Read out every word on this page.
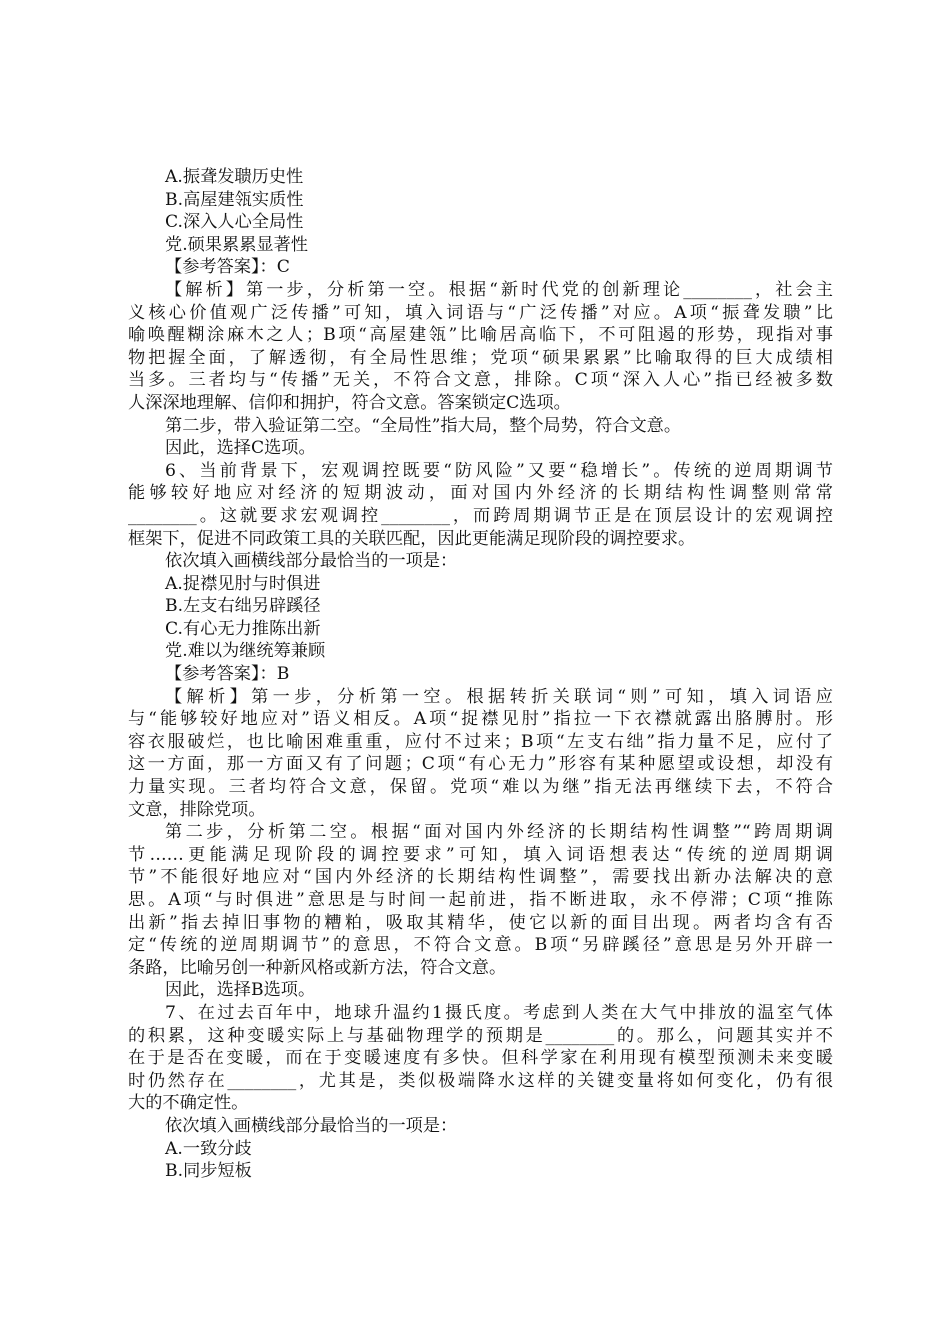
A.振聋发聩历史性
B.高屋建瓴实质性
C.深入人心全局性
党.硕果累累显著性
【参考答案】：C
【解析】第一步，分析第一空。根据“新时代党的创新理论________，社会主
义核心价值观广泛传播”可知，填入词语与“广泛传播”对应。A项“振聋发聩”比
喻唤醒糊涂麻木之人；B项“高屋建瓴”比喻居高临下，不可阻遏的形势，现指对事
物把握全面，了解透彻，有全局性思维；党项“硕果累累”比喻取得的巨大成绩相
当多。三者均与“传播”无关，不符合文意，排除。C项“深入人心”指已经被多数
人深深地理解、信仰和拥护，符合文意。答案锁定C选项。
第二步，带入验证第二空。“全局性”指大局，整个局势，符合文意。
因此，选择C选项。
6、当前背景下，宏观调控既要“防风险”又要“稳增长”。传统的逆周期调节
能够较好地应对经济的短期波动，面对国内外经济的长期结构性调整则常常
________。这就要求宏观调控________，而跨周期调节正是在顶层设计的宏观调控
框架下，促进不同政策工具的关联匹配，因此更能满足现阶段的调控要求。
依次填入画横线部分最恰当的一项是：
A.捉襟见肘与时俱进
B.左支右绌另辟蹊径
C.有心无力推陈出新
党.难以为继统筹兼顾
【参考答案】：B
【解析】第一步，分析第一空。根据转折关联词“则”可知，填入词语应
与“能够较好地应对”语义相反。A项“捉襟见肘”指拉一下衣襟就露出胳膊肘。形
容衣服破烂，也比喻困难重重，应付不过来；B项“左支右绌”指力量不足，应付了
这一方面，那一方面又有了问题；C项“有心无力”形容有某种愿望或设想，却没有
力量实现。三者均符合文意，保留。党项“难以为继”指无法再继续下去，不符合
文意，排除党项。
第二步，分析第二空。根据“面对国内外经济的长期结构性调整”“跨周期调
节……更能满足现阶段的调控要求”可知，填入词语想表达“传统的逆周期调
节”不能很好地应对“国内外经济的长期结构性调整”，需要找出新办法解决的意
思。A项“与时俱进”意思是与时间一起前进，指不断进取，永不停滞；C项“推陈
出新”指去掉旧事物的糟粕，吸取其精华，使它以新的面目出现。两者均含有否
定“传统的逆周期调节”的意思，不符合文意。B项“另辟蹊径”意思是另外开辟一
条路，比喻另创一种新风格或新方法，符合文意。
因此，选择B选项。
7、在过去百年中，地球升温约1摄氏度。考虑到人类在大气中排放的温室气体
的积累，这种变暖实际上与基础物理学的预期是________的。那么，问题其实并不
在于是否在变暖，而在于变暖速度有多快。但科学家在利用现有模型预测未来变暖
时仍然存在________，尤其是，类似极端降水这样的关键变量将如何变化，仍有很
大的不确定性。
依次填入画横线部分最恰当的一项是：
A.一致分歧
B.同步短板
